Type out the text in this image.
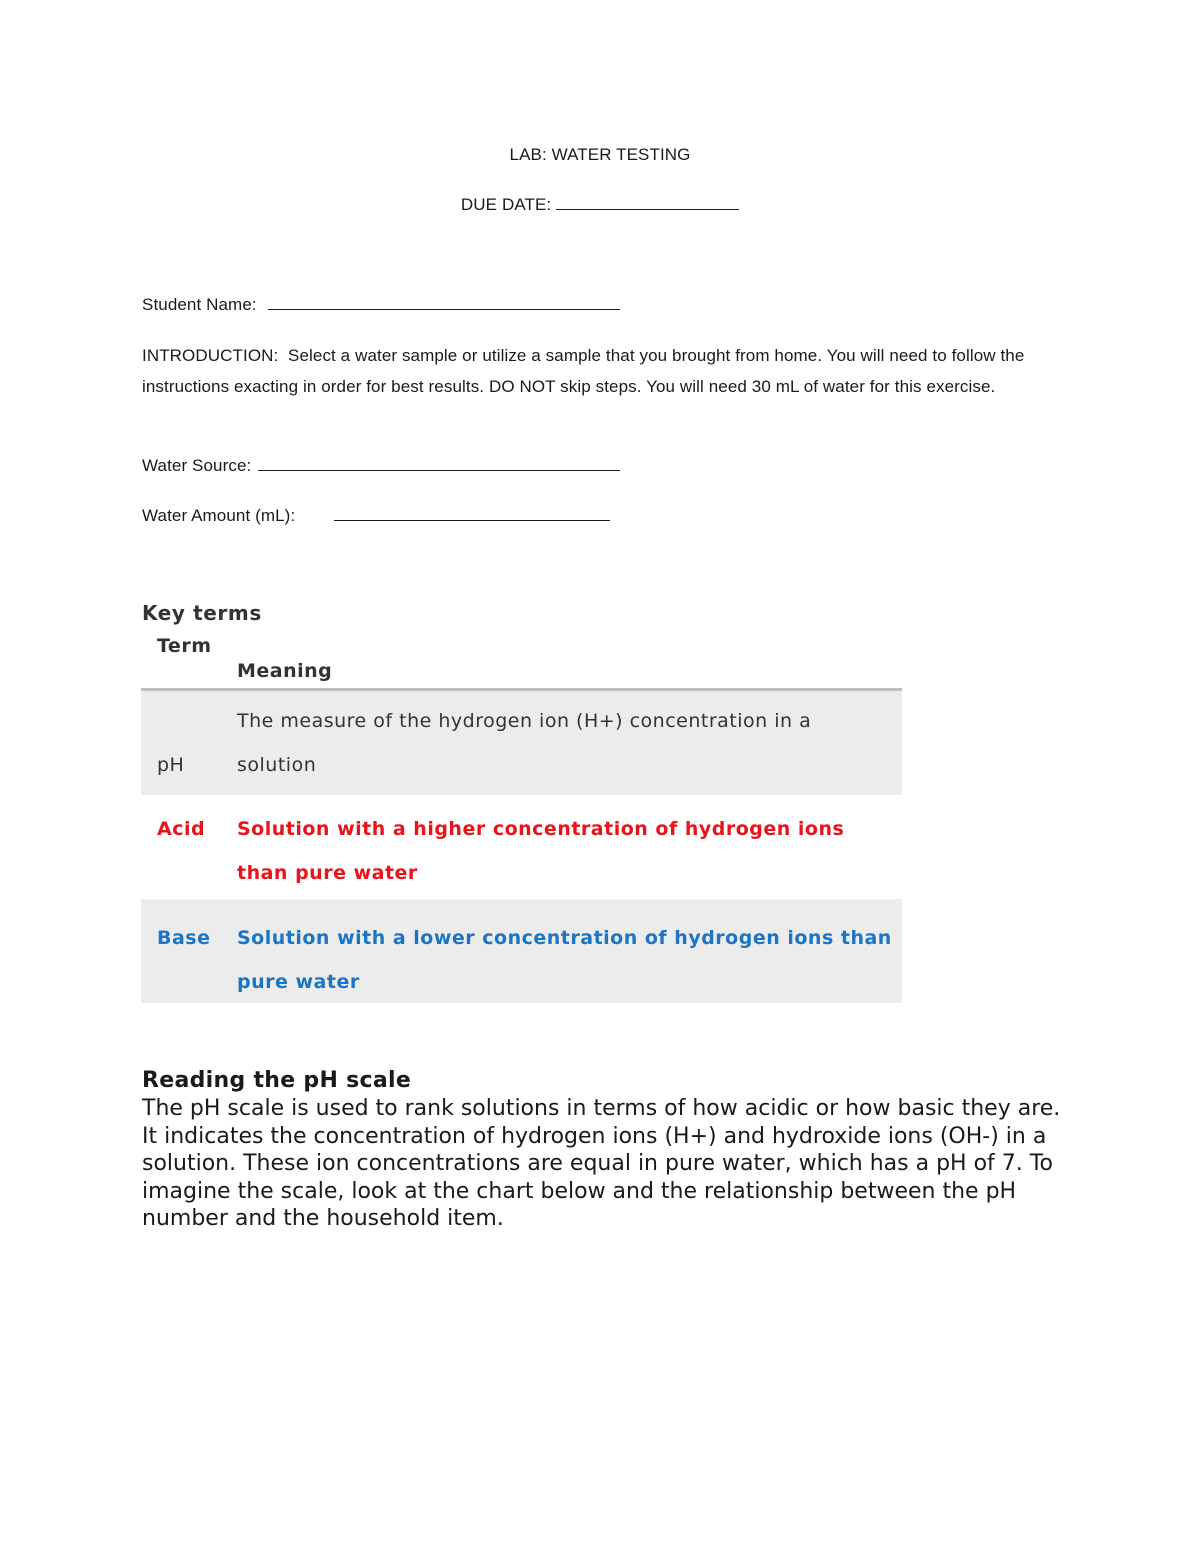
LAB: WATER TESTING
DUE DATE:
Student Name:
INTRODUCTION: Select a water sample or utilize a sample that you brought from home. You will need to follow the instructions exacting in order for best results. DO NOT skip steps. You will need 30 mL of water for this exercise.
Water Source:
Water Amount (mL):
Key terms
Term
Meaning
pH
The measure of the hydrogen ion (H+) concentration in a solution
Acid Solution with a higher concentration of hydrogen ions than pure water
Base Solution with a lower concentration of hydrogen ions than pure water
Reading the pH scale
The pH scale is used to rank solutions in terms of how acidic or how basic they are. It indicates the concentration of hydrogen ions (H+) and hydroxide ions (OH-) in a solution. These ion concentrations are equal in pure water, which has a pH of 7. To imagine the scale, look at the chart below and the relationship between the pH number and the household item.
